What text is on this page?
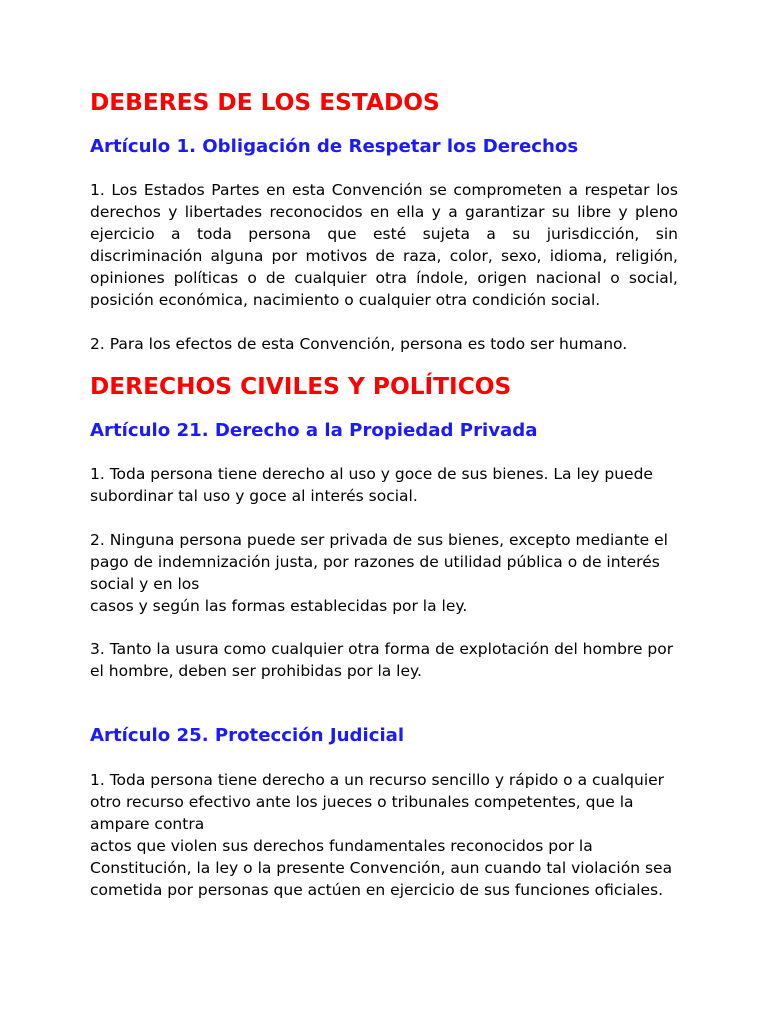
DEBERES DE LOS ESTADOS
Artículo 1. Obligación de Respetar los Derechos

1. Los Estados Partes en esta Convención se comprometen a respetar los derechos y libertades reconocidos en ella y a garantizar su libre y pleno ejercicio a toda persona que esté sujeta a su jurisdicción, sin discriminación alguna por motivos de raza, color, sexo, idioma, religión, opiniones políticas o de cualquier otra índole, origen nacional o social, posición económica, nacimiento o cualquier otra condición social.

2. Para los efectos de esta Convención, persona es todo ser humano.

DERECHOS CIVILES Y POLÍTICOS
Artículo 21. Derecho a la Propiedad Privada

1. Toda persona tiene derecho al uso y goce de sus bienes. La ley puede subordinar tal uso y goce al interés social.

2. Ninguna persona puede ser privada de sus bienes, excepto mediante el pago de indemnización justa, por razones de utilidad pública o de interés social y en los
casos y según las formas establecidas por la ley.

3. Tanto la usura como cualquier otra forma de explotación del hombre por el hombre, deben ser prohibidas por la ley.

Artículo 25. Protección Judicial

1. Toda persona tiene derecho a un recurso sencillo y rápido o a cualquier otro recurso efectivo ante los jueces o tribunales competentes, que la ampare contra
actos que violen sus derechos fundamentales reconocidos por la Constitución, la ley o la presente Convención, aun cuando tal violación sea cometida por personas que actúen en ejercicio de sus funciones oficiales.
